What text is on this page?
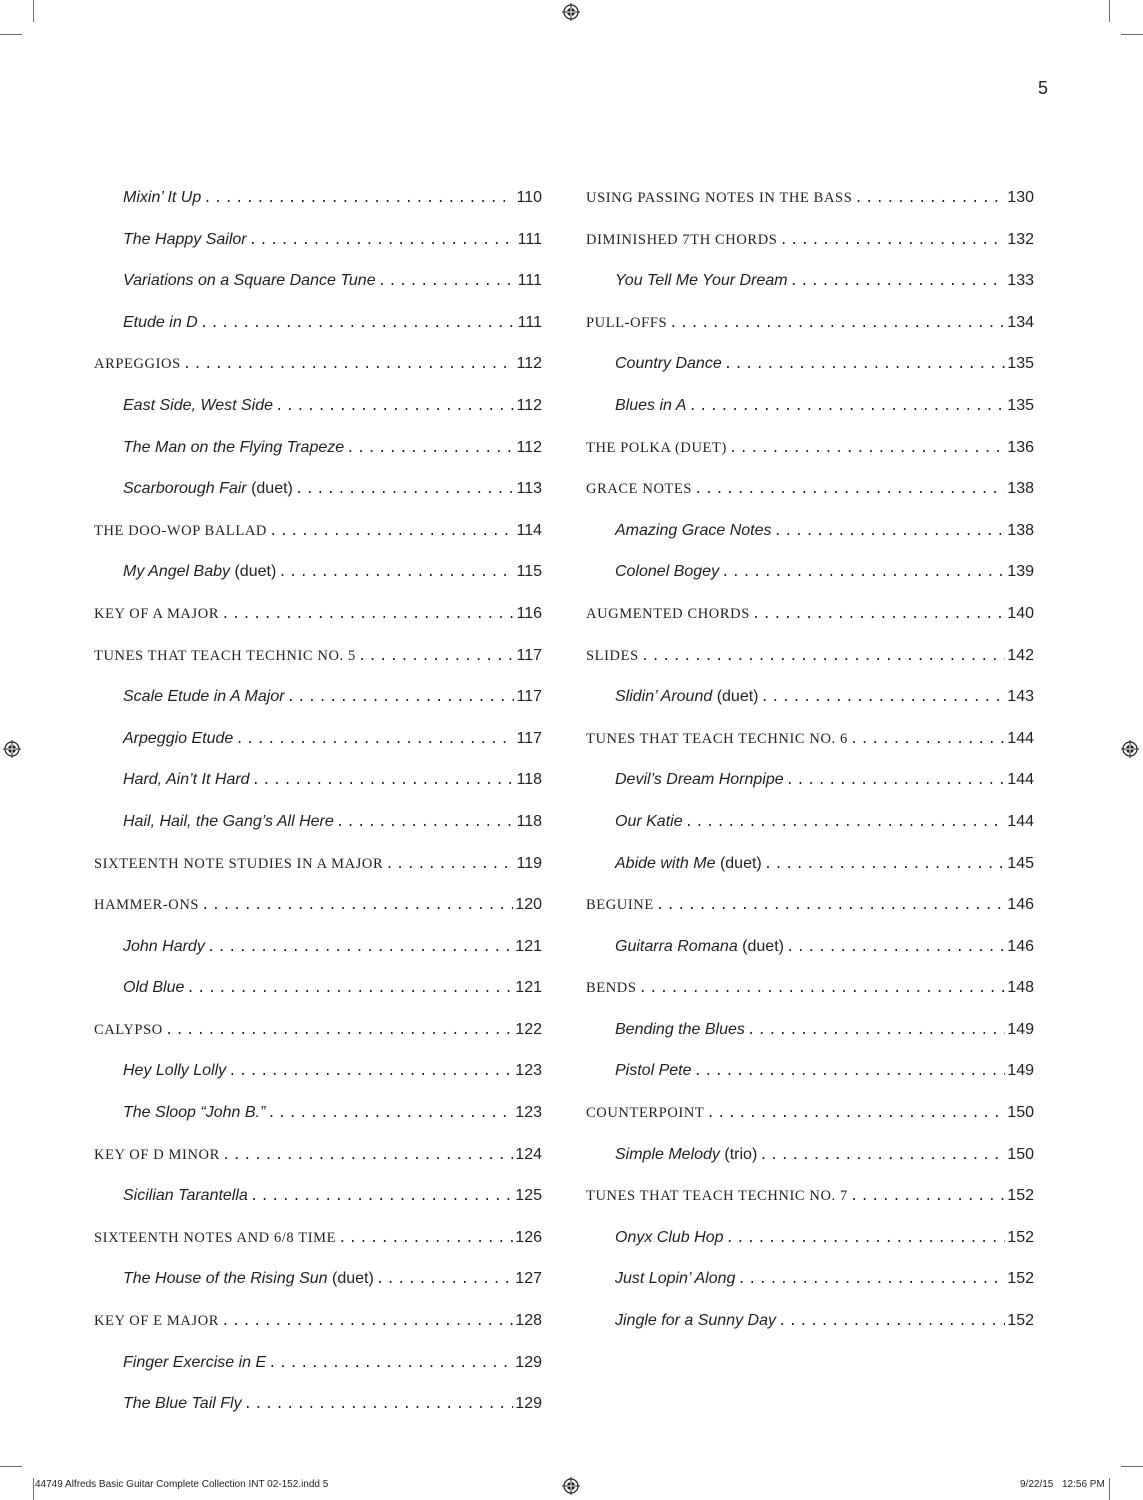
5
Mixin’ It Up .....	110
The Happy Sailor .....	111
Variations on a Square Dance Tune .....	111
Etude in D .....	111
ARPEGGIOS .....	112
East Side, West Side .....	112
The Man on the Flying Trapeze .....	112
Scarborough Fair (duet) .....	113
THE DOO-WOP BALLAD .....	114
My Angel Baby (duet) .....	115
KEY OF A MAJOR .....	116
TUNES THAT TEACH TECHNIC NO. 5 .....	117
Scale Etude in A Major .....	117
Arpeggio Etude .....	117
Hard, Ain’t It Hard .....	118
Hail, Hail, the Gang’s All Here .....	118
SIXTEENTH NOTE STUDIES IN A MAJOR .....	119
HAMMER-ONS .....	120
John Hardy .....	121
Old Blue .....	121
CALYPSO .....	122
Hey Lolly Lolly .....	123
The Sloop “John B.” .....	123
KEY OF D MINOR .....	124
Sicilian Tarantella .....	125
SIXTEENTH NOTES AND 6/8 TIME .....	126
The House of the Rising Sun (duet) .....	127
KEY OF E MAJOR .....	128
Finger Exercise in E .....	129
The Blue Tail Fly .....	129
USING PASSING NOTES IN THE BASS .....	130
DIMINISHED 7TH CHORDS .....	132
You Tell Me Your Dream .....	133
PULL-OFFS .....	134
Country Dance .....	135
Blues in A .....	135
THE POLKA (DUET) .....	136
GRACE NOTES .....	138
Amazing Grace Notes .....	138
Colonel Bogey .....	139
AUGMENTED CHORDS .....	140
SLIDES .....	142
Slidin’ Around (duet) .....	143
TUNES THAT TEACH TECHNIC NO. 6 .....	144
Devil’s Dream Hornpipe .....	144
Our Katie .....	144
Abide with Me (duet) .....	145
BEGUINE .....	146
Guitarra Romana (duet) .....	146
BENDS .....	148
Bending the Blues .....	149
Pistol Pete .....	149
COUNTERPOINT .....	150
Simple Melody (trio) .....	150
TUNES THAT TEACH TECHNIC NO. 7 .....	152
Onyx Club Hop .....	152
Just Lopin’ Along .....	152
Jingle for a Sunny Day .....	152
44749 Alfreds Basic Guitar Complete Collection INT 02-152.indd 5	9/22/15 12:56 PM
